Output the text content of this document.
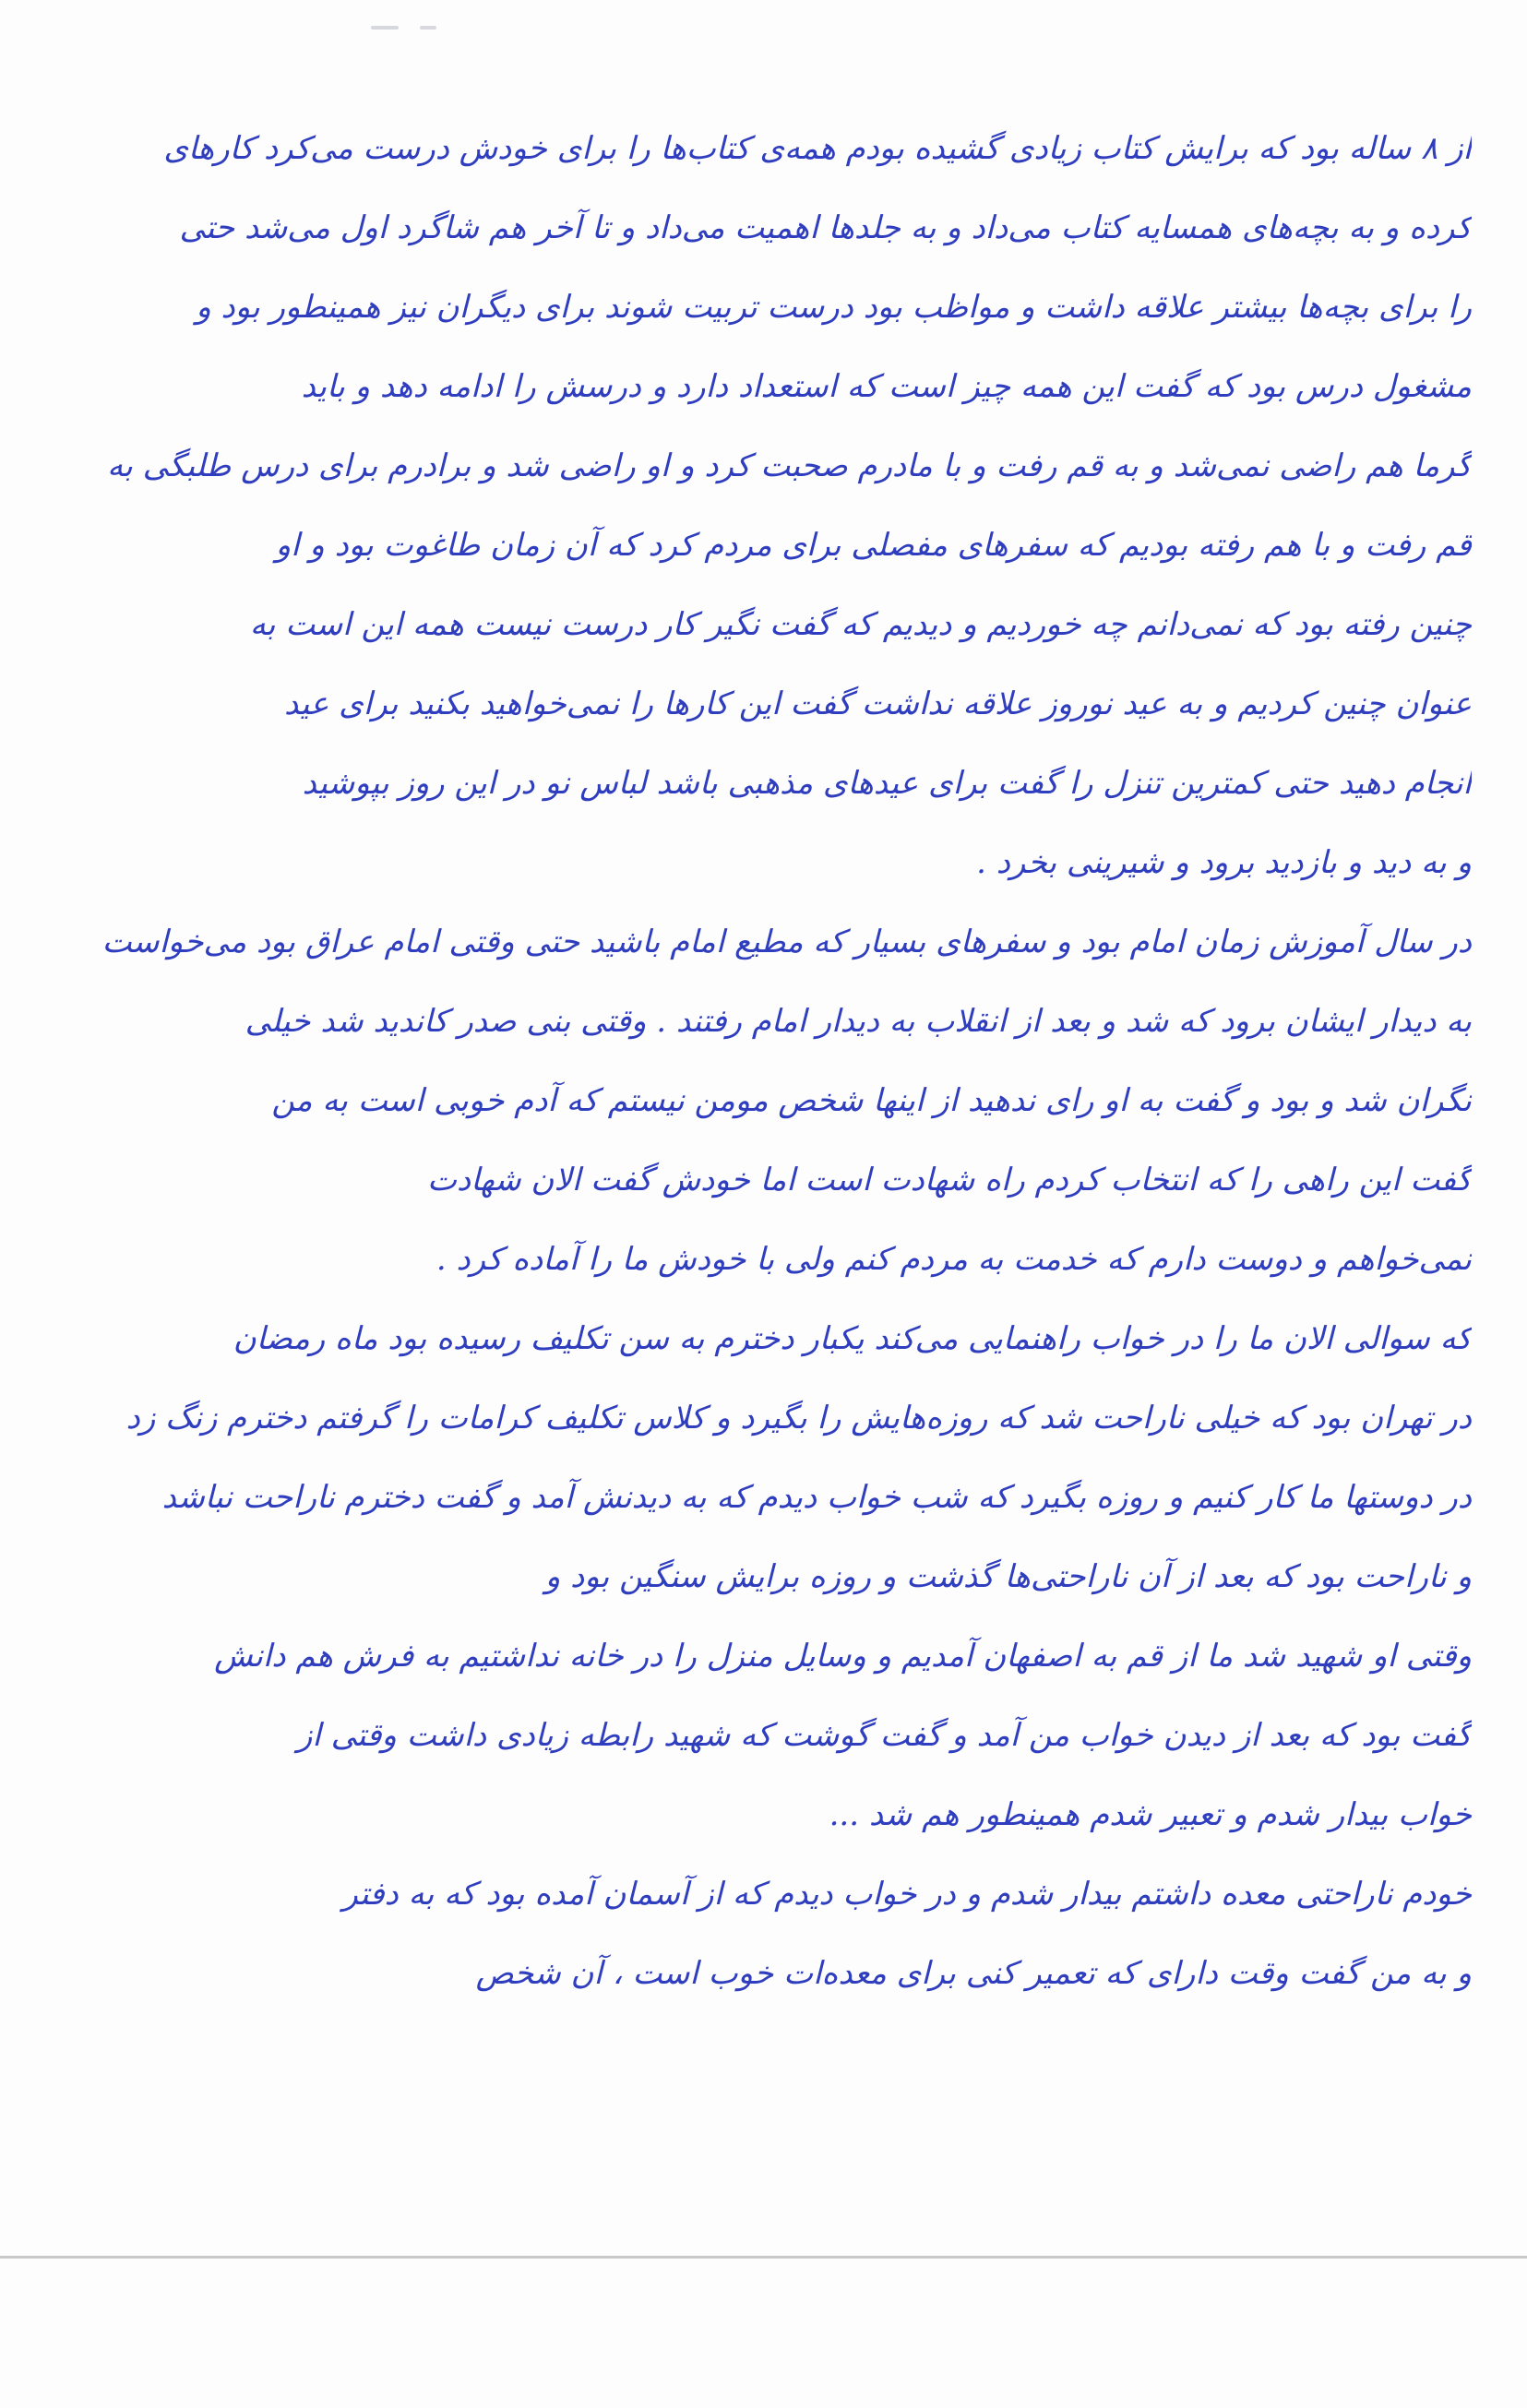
از ۸ ساله بود که برایش کتاب زیادی گشیده بودم همه‌ی کتاب‌ها را برای خودش درست می‌کرد کارهای
کرده و به بچه‌های همسایه کتاب می‌داد و به جلد‌ها اهمیت می‌داد و تا آخر هم شاگرد اول می‌شد حتی
را برای بچه‌ها بیشتر علاقه داشت و مواظب بود درست تربیت شوند برای دیگران نیز همینطور بود و
مشغول درس بود که گفت این همه چیز است که استعداد دارد و درسش را ادامه دهد و باید
گرما هم راضی نمی‌شد و به قم رفت و با مادرم صحبت کرد و او راضی شد و برادرم برای درس طلبگی به
قم رفت و با هم رفته بودیم که سفرهای مفصلی برای مردم کرد که آن زمان طاغوت بود و او
چنین رفته بود که نمی‌دانم چه خوردیم و دیدیم که گفت نگیر کار درست نیست همه این است به
عنوان چنین کردیم و به عید نوروز علاقه نداشت گفت این کارها را نمی‌خواهید بکنید برای عید
انجام دهید حتی کمترین تنزل را گفت برای عیدهای مذهبی باشد لباس نو در این روز بپوشید
و به دید و بازدید برود و شیرینی بخرد .
در سال آموزش زمان امام بود و سفرهای بسیار که مطیع امام باشید حتی وقتی امام عراق بود می‌خواست
به دیدار ایشان برود که شد و بعد از انقلاب به دیدار امام رفتند . وقتی بنی صدر کاندید شد خیلی
نگران شد و بود و گفت به او رای ندهید از اینها شخص مومن نیستم که آدم خوبی است به من
گفت این راهی را که انتخاب کردم راه شهادت است اما خودش گفت الان شهادت
نمی‌خواهم و دوست دارم که خدمت به مردم کنم ولی با خودش ما را آماده کرد .
که سوالی الان ما را در خواب راهنمایی می‌کند یکبار دخترم به سن تکلیف رسیده بود ماه رمضان
در تهران بود که خیلی ناراحت شد که روزه‌هایش را بگیرد و کلاس تکلیف کرامات را گرفتم دخترم زنگ زد
در دوستها ما کار کنیم و روزه بگیرد که شب خواب دیدم که به دیدنش آمد و گفت دخترم ناراحت نباشد
و ناراحت بود که بعد از آن ناراحتی‌ها گذشت و روزه برایش سنگین بود و
وقتی او شهید شد ما از قم به اصفهان آمدیم و وسایل منزل را در خانه نداشتیم به فرش هم دانش
گفت بود که بعد از دیدن خواب من آمد و گفت گوشت که شهید رابطه زیادی داشت وقتی از
خواب بیدار شدم و تعبیر شدم همینطور هم شد ...
خودم ناراحتی معده داشتم بیدار شدم و در خواب دیدم که از آسمان آمده بود که به دفتر
و به من گفت وقت دارای که تعمیر کنی برای معده‌ات خوب است ، آن شخص
